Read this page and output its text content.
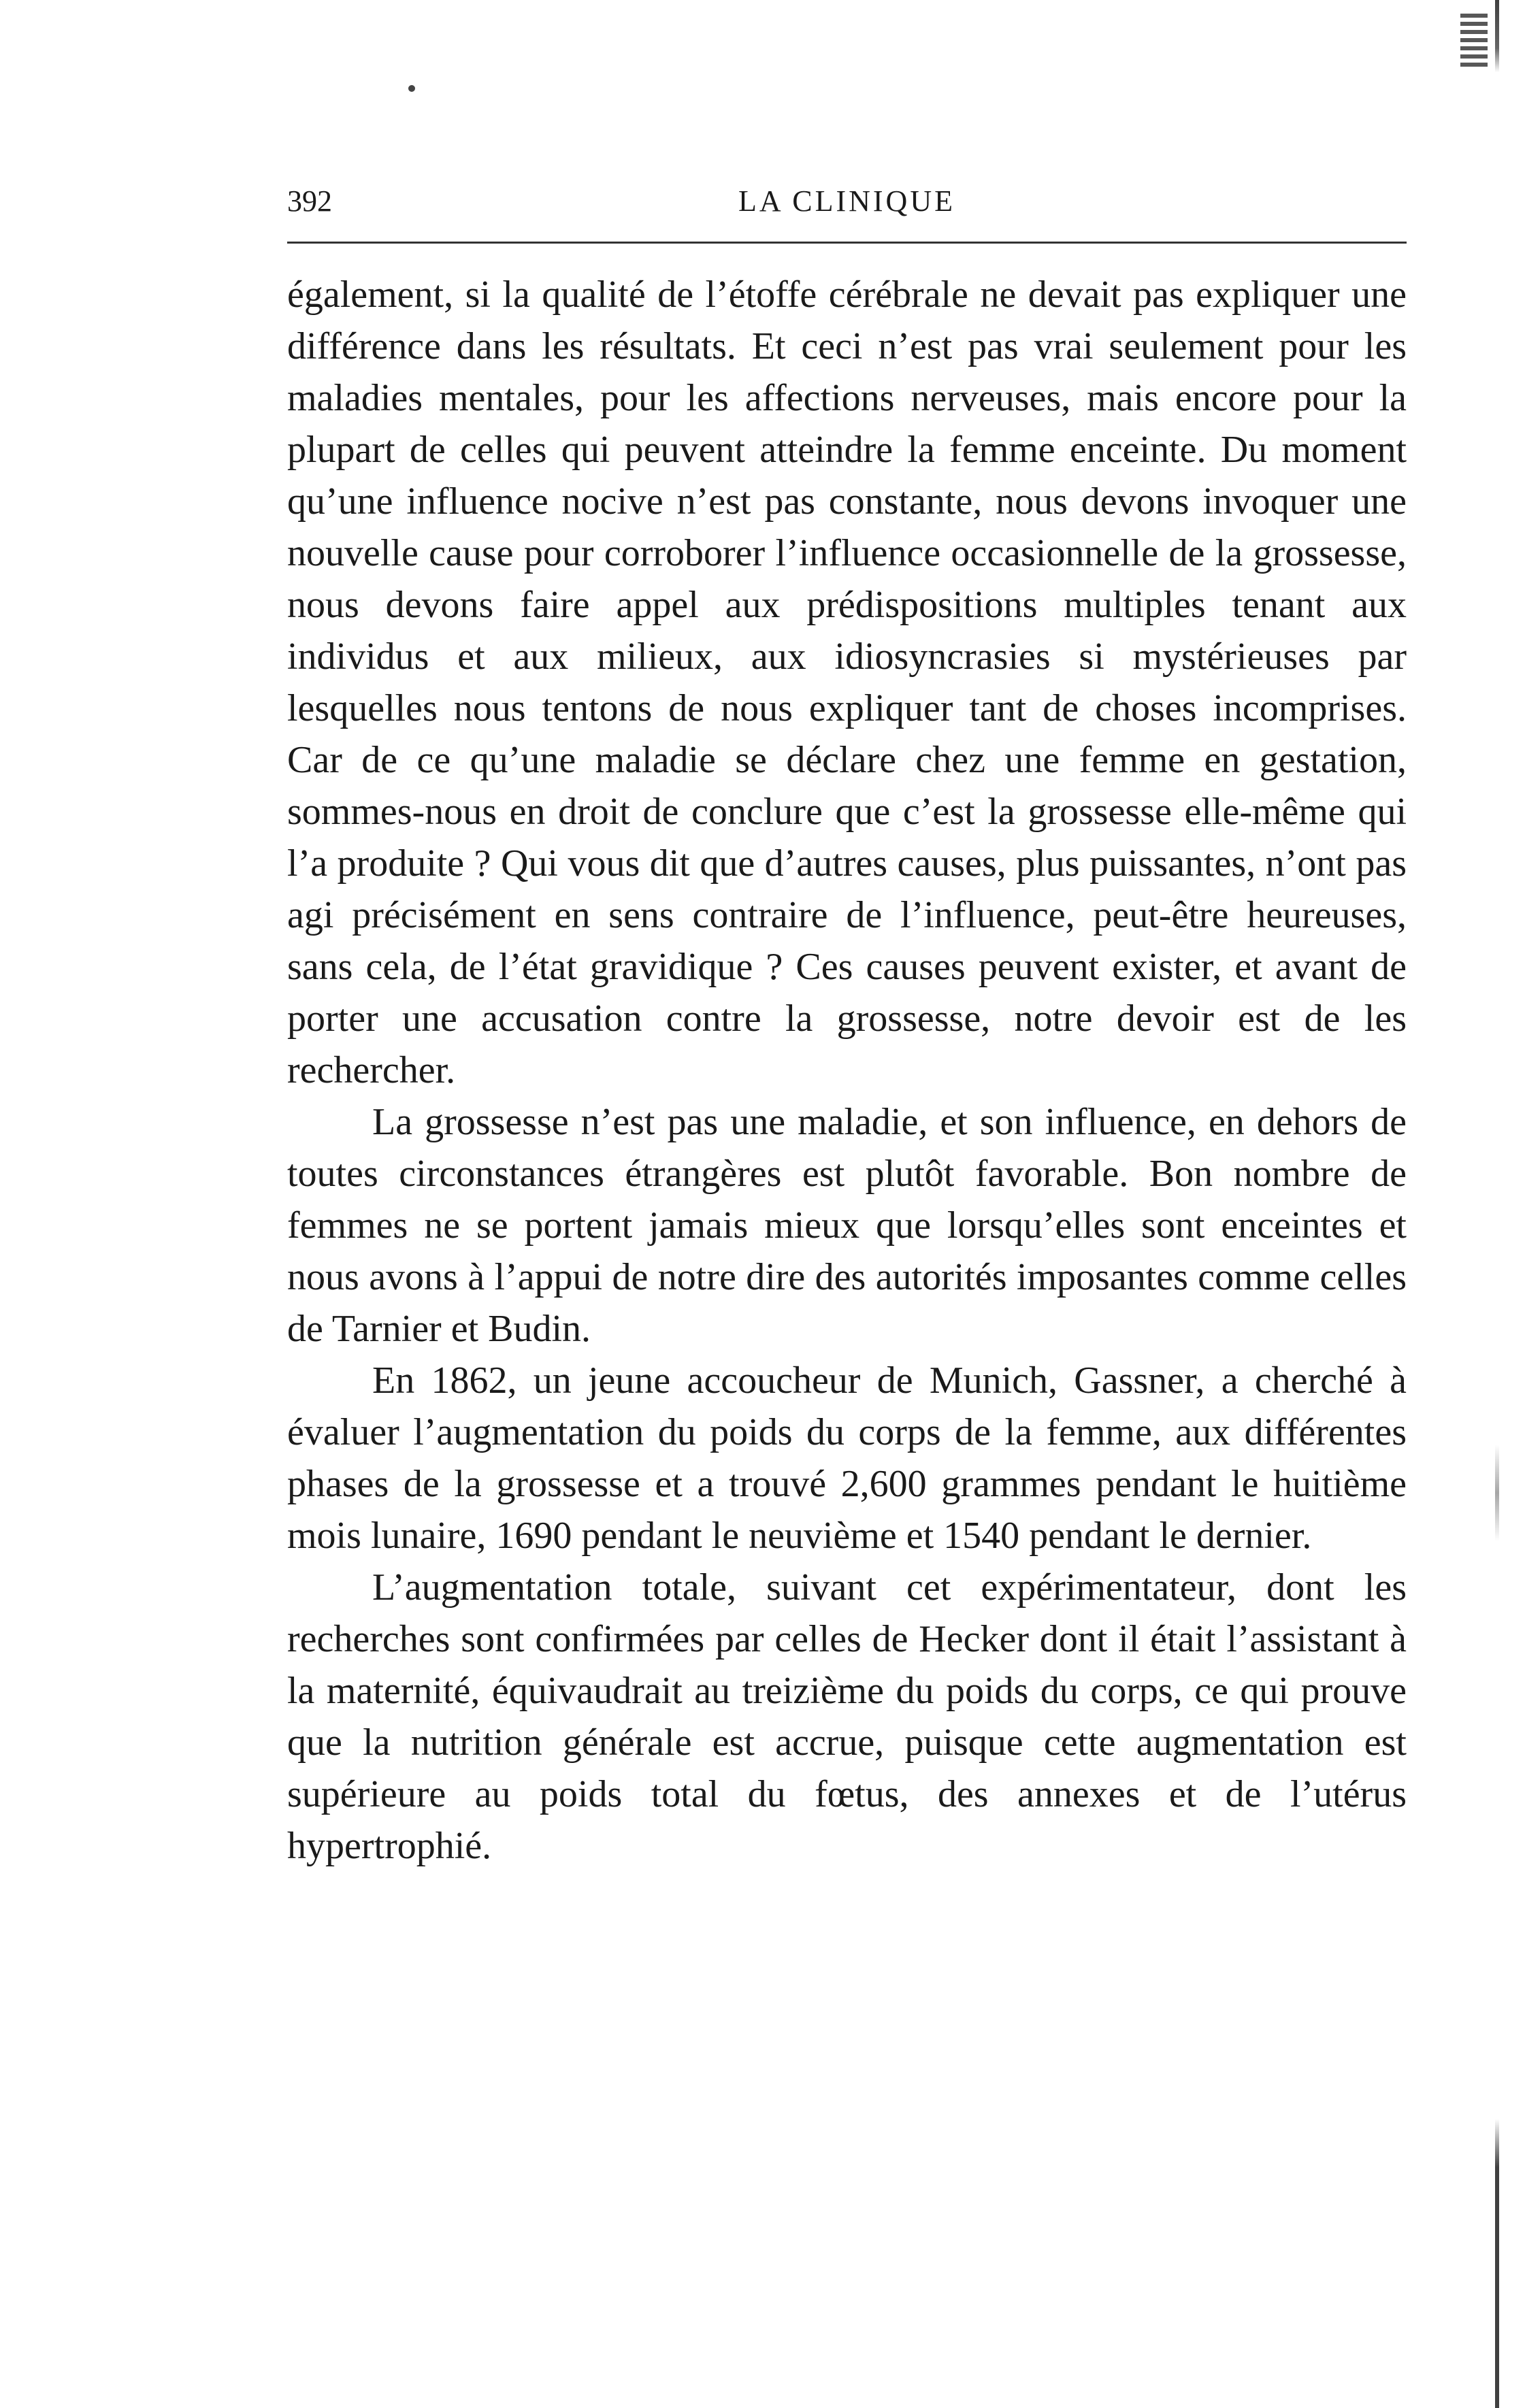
392	LA CLINIQUE

également, si la qualité de l’étoffe cérébrale ne devait pas expliquer une différence dans les résultats. Et ceci n’est pas vrai seulement pour les maladies mentales, pour les affections nerveuses, mais encore pour la plupart de celles qui peuvent atteindre la femme enceinte. Du moment qu’une influence nocive n’est pas constante, nous devons invoquer une nouvelle cause pour corroborer l’influence occasionnelle de la grossesse, nous devons faire appel aux prédispositions multiples tenant aux individus et aux milieux, aux idiosyncrasies si mystérieuses par lesquelles nous tentons de nous expliquer tant de choses incomprises. Car de ce qu’une maladie se déclare chez une femme en gestation, sommes-nous en droit de conclure que c’est la grossesse elle-même qui l’a produite ? Qui vous dit que d’autres causes, plus puissantes, n’ont pas agi précisément en sens contraire de l’influence, peut-être heureuses, sans cela, de l’état gravidique ? Ces causes peuvent exister, et avant de porter une accusation contre la grossesse, notre devoir est de les rechercher.

La grossesse n’est pas une maladie, et son influence, en dehors de toutes circonstances étrangères est plutôt favorable. Bon nombre de femmes ne se portent jamais mieux que lorsqu’elles sont enceintes et nous avons à l’appui de notre dire des autorités imposantes comme celles de Tarnier et Budin.

En 1862, un jeune accoucheur de Munich, Gassner, a cherché à évaluer l’augmentation du poids du corps de la femme, aux différentes phases de la grossesse et a trouvé 2,600 grammes pendant le huitième mois lunaire, 1690 pendant le neuvième et 1540 pendant le dernier.

L’augmentation totale, suivant cet expérimentateur, dont les recherches sont confirmées par celles de Hecker dont il était l’assistant à la maternité, équivaudrait au treizième du poids du corps, ce qui prouve que la nutrition générale est accrue, puisque cette augmentation est supérieure au poids total du fœtus, des annexes et de l’utérus hypertrophié.
